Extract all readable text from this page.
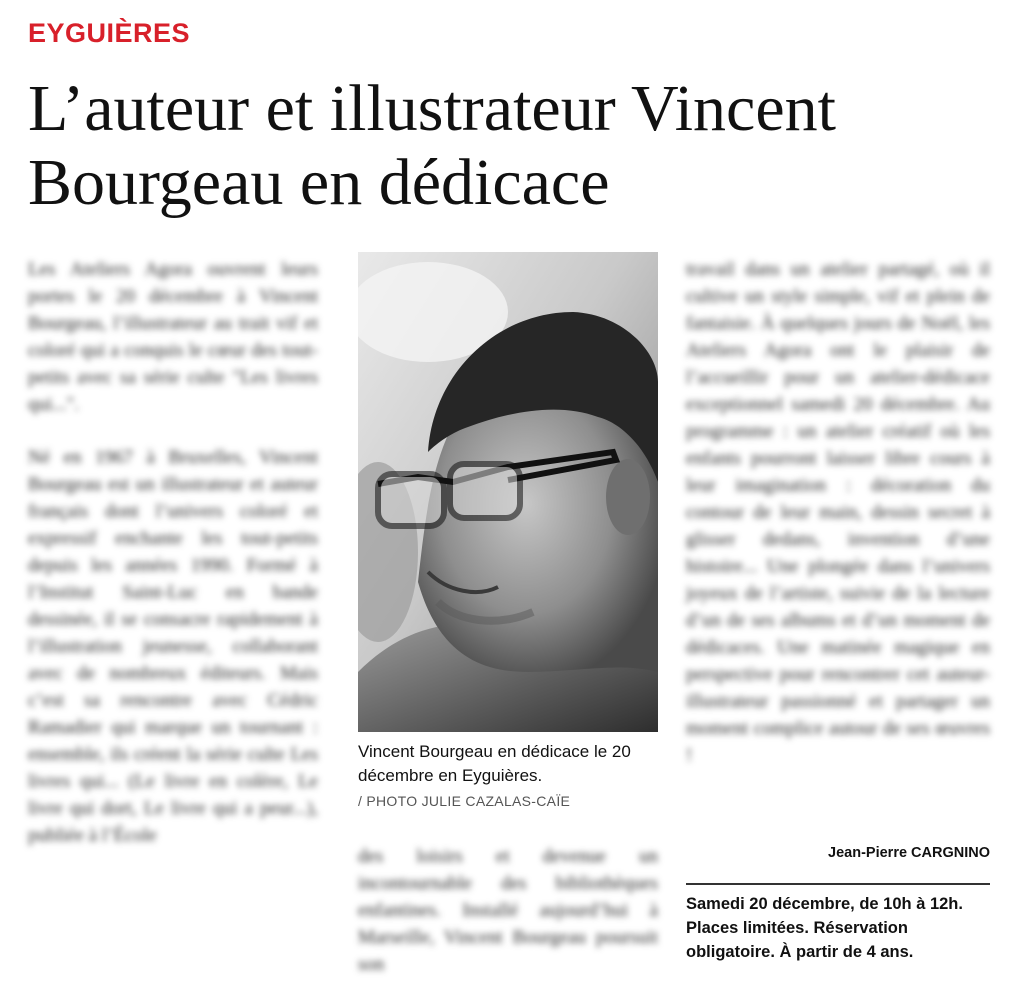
EYGUIÈRES
L’auteur et illustrateur Vincent Bourgeau en dédicace

Les Ateliers Agora ouvrent leurs portes le 20 décembre à Vincent Bourgeau, l’illustrateur au trait vif et coloré qui a conquis le cœur des tout-petits avec sa série culte "Les livres qui...".

Né en 1967 à Bruxelles, Vincent Bourgeau est un illustrateur et auteur français dont l’univers coloré et expressif enchante les tout-petits depuis les années 1990. Formé à l’Institut Saint-Luc en bande dessinée, il se consacre rapidement à l’illustration jeunesse, collaborant avec de nombreux éditeurs. Mais c’est sa rencontre avec Cédric Ramadier qui marque un tournant : ensemble, ils créent la série culte Les livres qui... (Le livre en colère, Le livre qui dort, Le livre qui a peur...), publiée à l’École

Vincent Bourgeau en dédicace le 20 décembre en Eyguières.

/ PHOTO JULIE CAZALAS-CAÏE

des loisirs et devenue un incontournable des bibliothèques enfantines. Installé aujourd’hui à Marseille, Vincent Bourgeau poursuit son

travail dans un atelier partagé, où il cultive un style simple, vif et plein de fantaisie. À quelques jours de Noël, les Ateliers Agora ont le plaisir de l’accueillir pour un atelier-dédicace exceptionnel samedi 20 décembre. Au programme : un atelier créatif où les enfants pourront laisser libre cours à leur imagination : décoration du contour de leur main, dessin secret à glisser dedans, invention d’une histoire... Une plongée dans l’univers joyeux de l’artiste, suivie de la lecture d’un de ses albums et d’un moment de dédicaces. Une matinée magique en perspective pour rencontrer cet auteur-illustrateur passionné et partager un moment complice autour de ses œuvres !

Jean-Pierre CARGNINO

Samedi 20 décembre, de 10h à 12h. Places limitées. Réservation obligatoire. À partir de 4 ans.
